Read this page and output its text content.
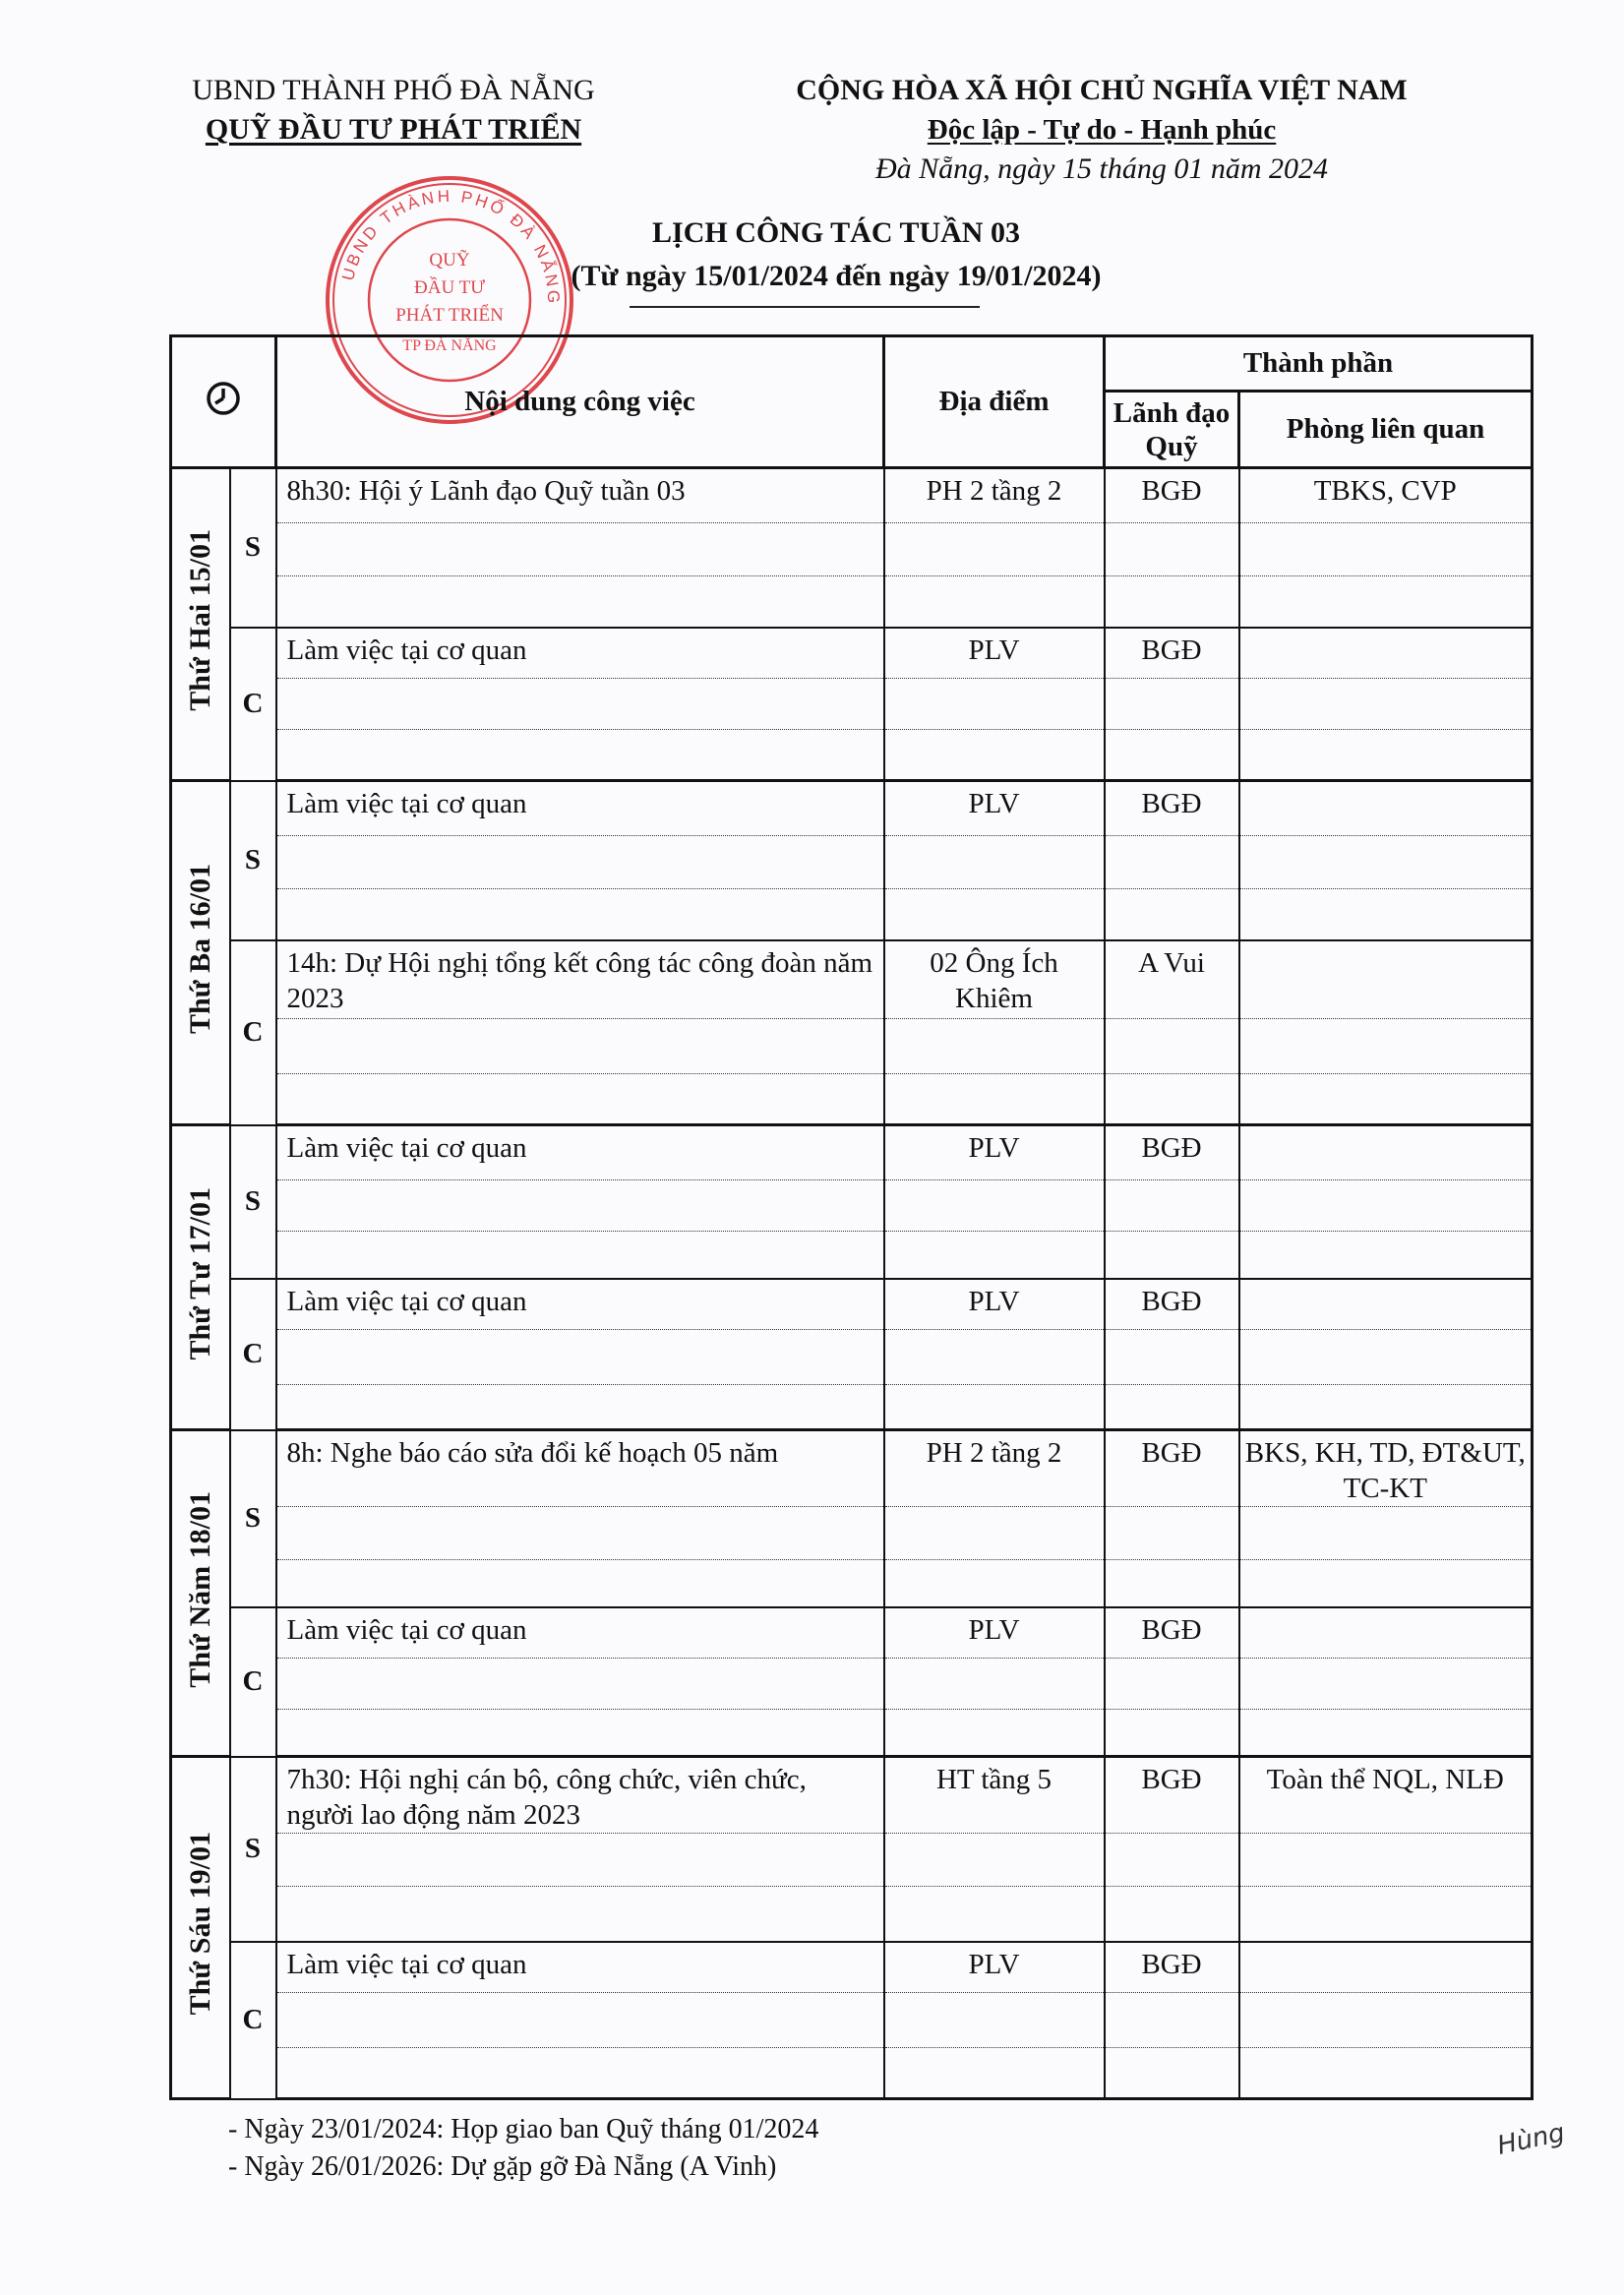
UBND THÀNH PHỐ ĐÀ NẴNG
QUỸ ĐẦU TƯ PHÁT TRIỂN
CỘNG HÒA XÃ HỘI CHỦ NGHĨA VIỆT NAM
Độc lập - Tự do - Hạnh phúc
Đà Nẵng, ngày 15 tháng 01 năm 2024
UBND THÀNH PHỐ ĐÀ NẴNG
QUỸ
ĐẦU TƯ
PHÁT TRIỂN
TP ĐÀ NẴNG
LỊCH CÔNG TÁC TUẦN 03
(Từ ngày 15/01/2024 đến ngày 19/01/2024)
	Nội dung công việc	Địa điểm	Thành phần	
				Lãnh đạo Quỹ	Phòng liên quan
Thứ Hai 15/01	S	8h30: Hội ý Lãnh đạo Quỹ tuần 03	PH 2 tầng 2	BGĐ	TBKS, CVP

	C	Làm việc tại cơ quan	PLV	BGĐ	

Thứ Ba 16/01	S	Làm việc tại cơ quan	PLV	BGĐ	

	C	14h: Dự Hội nghị tổng kết công tác công đoàn năm 2023	02 Ông Ích Khiêm	A Vui	

Thứ Tư 17/01	S	Làm việc tại cơ quan	PLV	BGĐ	

	C	Làm việc tại cơ quan	PLV	BGĐ	

Thứ Năm 18/01	S	8h: Nghe báo cáo sửa đổi kế hoạch 05 năm	PH 2 tầng 2	BGĐ	BKS, KH, TD, ĐT&UT, TC-KT

	C	Làm việc tại cơ quan	PLV	BGĐ	

Thứ Sáu 19/01	S	7h30: Hội nghị cán bộ, công chức, viên chức, người lao động năm 2023	HT tầng 5	BGĐ	Toàn thể NQL, NLĐ

	C	Làm việc tại cơ quan	PLV	BGĐ	

- Ngày 23/01/2024: Họp giao ban Quỹ tháng 01/2024
- Ngày 26/01/2026: Dự gặp gỡ Đà Nẵng (A Vinh)
Hùng
